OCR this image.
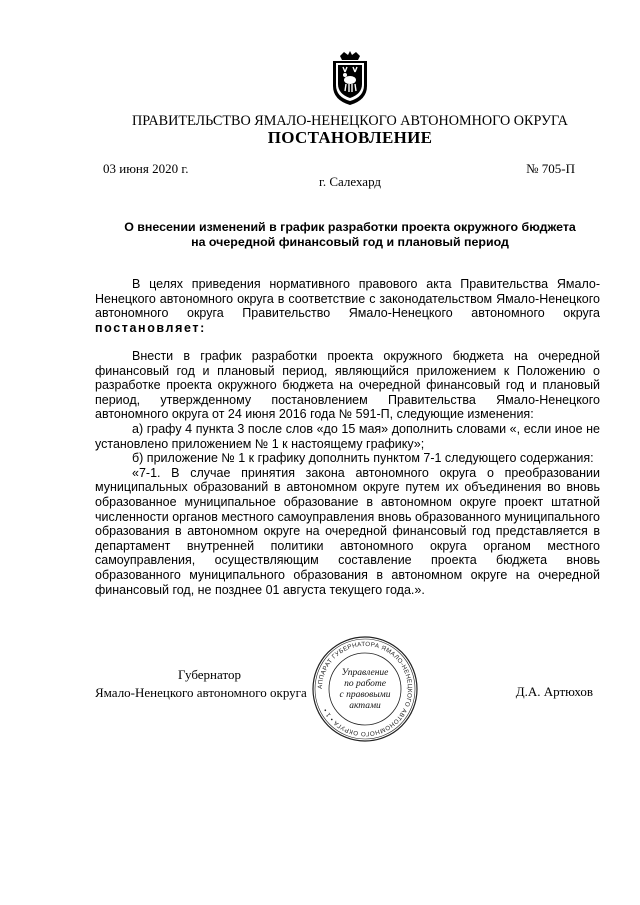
ПРАВИТЕЛЬСТВО ЯМАЛО-НЕНЕЦКОГО АВТОНОМНОГО ОКРУГА
ПОСТАНОВЛЕНИЕ
03 июня 2020 г.	№ 705-П
г. Салехард
О внесении изменений в график разработки проекта окружного бюджета
на очередной финансовый год и плановый период

В целях приведения нормативного правового акта Правительства Ямало-Ненецкого автономного округа в соответствие с законодательством Ямало-Ненецкого автономного округа Правительство Ямало-Ненецкого автономного округа постановляет:

Внести в график разработки проекта окружного бюджета на очередной финансовый год и плановый период, являющийся приложением к Положению о разработке проекта окружного бюджета на очередной финансовый год и плановый период, утвержденному постановлением Правительства Ямало-Ненецкого автономного округа от 24 июня 2016 года № 591-П, следующие изменения:

а) графу 4 пункта 3 после слов «до 15 мая» дополнить словами «, если иное не установлено приложением № 1 к настоящему графику»;

б) приложение № 1 к графику дополнить пунктом 7-1 следующего содержания:

«7-1. В случае принятия закона автономного округа о преобразовании муниципальных образований в автономном округе путем их объединения во вновь образованное муниципальное образование в автономном округе проект штатной численности органов местного самоуправления вновь образованного муниципального образования в автономном округе на очередной финансовый год представляется в департамент внутренней политики автономного округа органом местного самоуправления, осуществляющим составление проекта бюджета вновь образованного муниципального образования в автономном округе на очередной финансовый год, не позднее 01 августа текущего года.».

Губернатор
Ямало-Ненецкого автономного округа	Д.А. Артюхов
АППАРАТ ГУБЕРНАТОРА ЯМАЛО-НЕНЕЦКОГО АВТОНОМНОГО ОКРУГА • 1 •
Управление
по работе
с правовыми
актами
